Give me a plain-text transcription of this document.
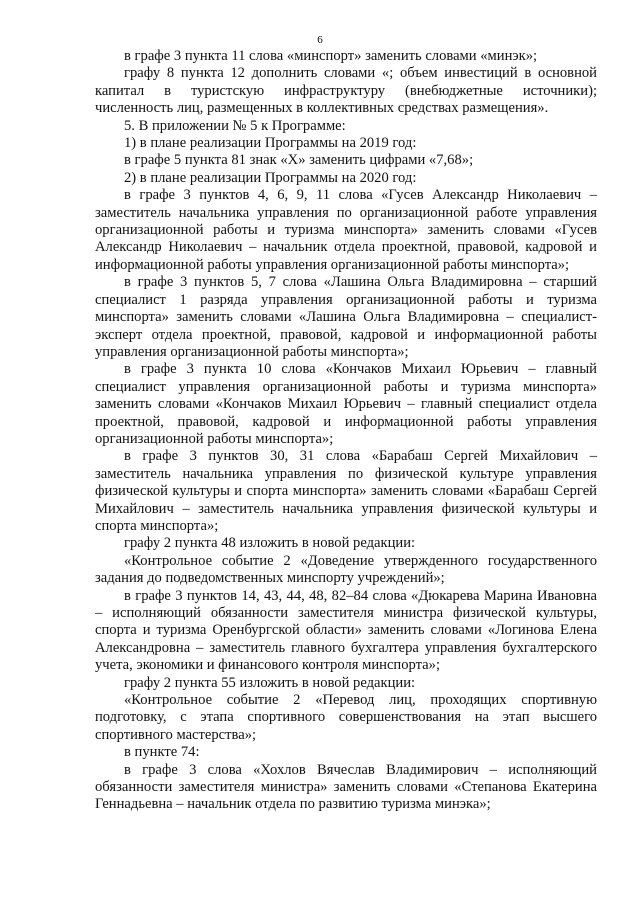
6

в графе 3 пункта 11 слова «минспорт» заменить словами «минэк»;

графу 8 пункта 12 дополнить словами «; объем инвестиций в основной капитал в туристскую инфраструктуру (внебюджетные источники); численность лиц, размещенных в коллективных средствах размещения».

5. В приложении № 5 к Программе:

1) в плане реализации Программы на 2019 год:

в графе 5 пункта 81 знак «Х» заменить цифрами «7,68»;

2) в плане реализации Программы на 2020 год:

в графе 3 пунктов 4, 6, 9, 11 слова «Гусев Александр Николаевич – заместитель начальника управления по организационной работе управления организационной работы и туризма минспорта» заменить словами «Гусев Александр Николаевич – начальник отдела проектной, правовой, кадровой и информационной работы управления организационной работы минспорта»;

в графе 3 пунктов 5, 7 слова «Лашина Ольга Владимировна – старший специалист 1 разряда управления организационной работы и туризма минспорта» заменить словами «Лашина Ольга Владимировна – специалист-эксперт отдела проектной, правовой, кадровой и информационной работы управления организационной работы минспорта»;

в графе 3 пункта 10 слова «Кончаков Михаил Юрьевич – главный специалист управления организационной работы и туризма минспорта» заменить словами «Кончаков Михаил Юрьевич – главный специалист отдела проектной, правовой, кадровой и информационной работы управления организационной работы минспорта»;

в графе 3 пунктов 30, 31 слова «Барабаш Сергей Михайлович – заместитель начальника управления по физической культуре управления физической культуры и спорта минспорта» заменить словами «Барабаш Сергей Михайлович – заместитель начальника управления физической культуры и спорта минспорта»;

графу 2 пункта 48 изложить в новой редакции:

«Контрольное событие 2 «Доведение утвержденного государственного задания до подведомственных минспорту учреждений»;

в графе 3 пунктов 14, 43, 44, 48, 82–84 слова «Дюкарева Марина Ивановна – исполняющий обязанности заместителя министра физической культуры, спорта и туризма Оренбургской области» заменить словами «Логинова Елена Александровна – заместитель главного бухгалтера управления бухгалтерского учета, экономики и финансового контроля минспорта»;

графу 2 пункта 55 изложить в новой редакции:

«Контрольное событие 2 «Перевод лиц, проходящих спортивную подготовку, с этапа спортивного совершенствования на этап высшего спортивного мастерства»;

в пункте 74:

в графе 3 слова «Хохлов Вячеслав Владимирович – исполняющий обязанности заместителя министра» заменить словами «Степанова Екатерина Геннадьевна – начальник отдела по развитию туризма минэка»;
